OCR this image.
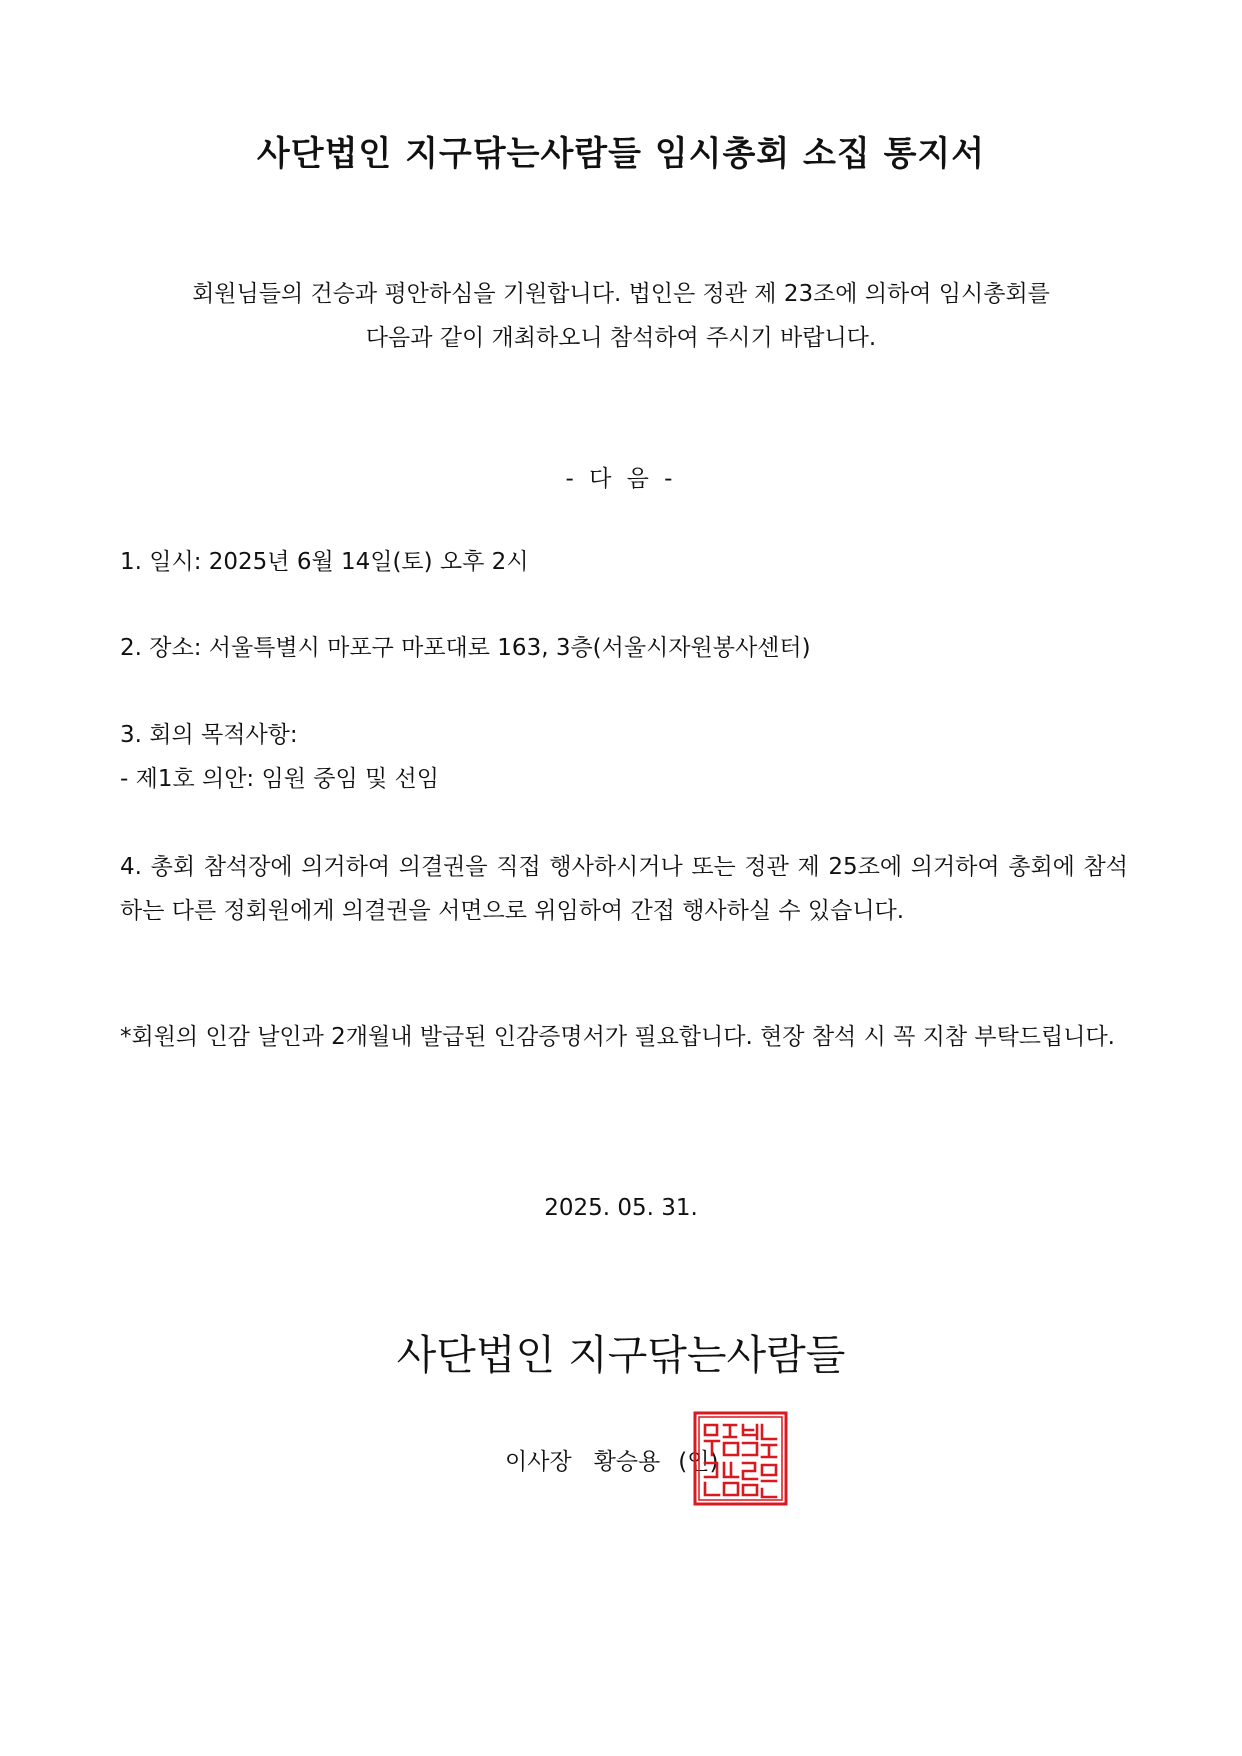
사단법인 지구닦는사람들 임시총회 소집 통지서
회원님들의 건승과 평안하심을 기원합니다. 법인은 정관 제 23조에 의하여 임시총회를
다음과 같이 개최하오니 참석하여 주시기 바랍니다.
- 다 음 -
1. 일시: 2025년 6월 14일(토) 오후 2시
2. 장소: 서울특별시 마포구 마포대로 163, 3층(서울시자원봉사센터)
3. 회의 목적사항:
- 제1호 의안: 임원 중임 및 선임
4. 총회 참석장에 의거하여 의결권을 직접 행사하시거나 또는 정관 제 25조에 의거하여 총회에 참석하는 다른 정회원에게 의결권을 서면으로 위임하여 간접 행사하실 수 있습니다.
*회원의 인감 날인과 2개월내 발급된 인감증명서가 필요합니다. 현장 참석 시 꼭 지참 부탁드립니다.
2025. 05. 31.
사단법인 지구닦는사람들
이사장 황승용 (인)
